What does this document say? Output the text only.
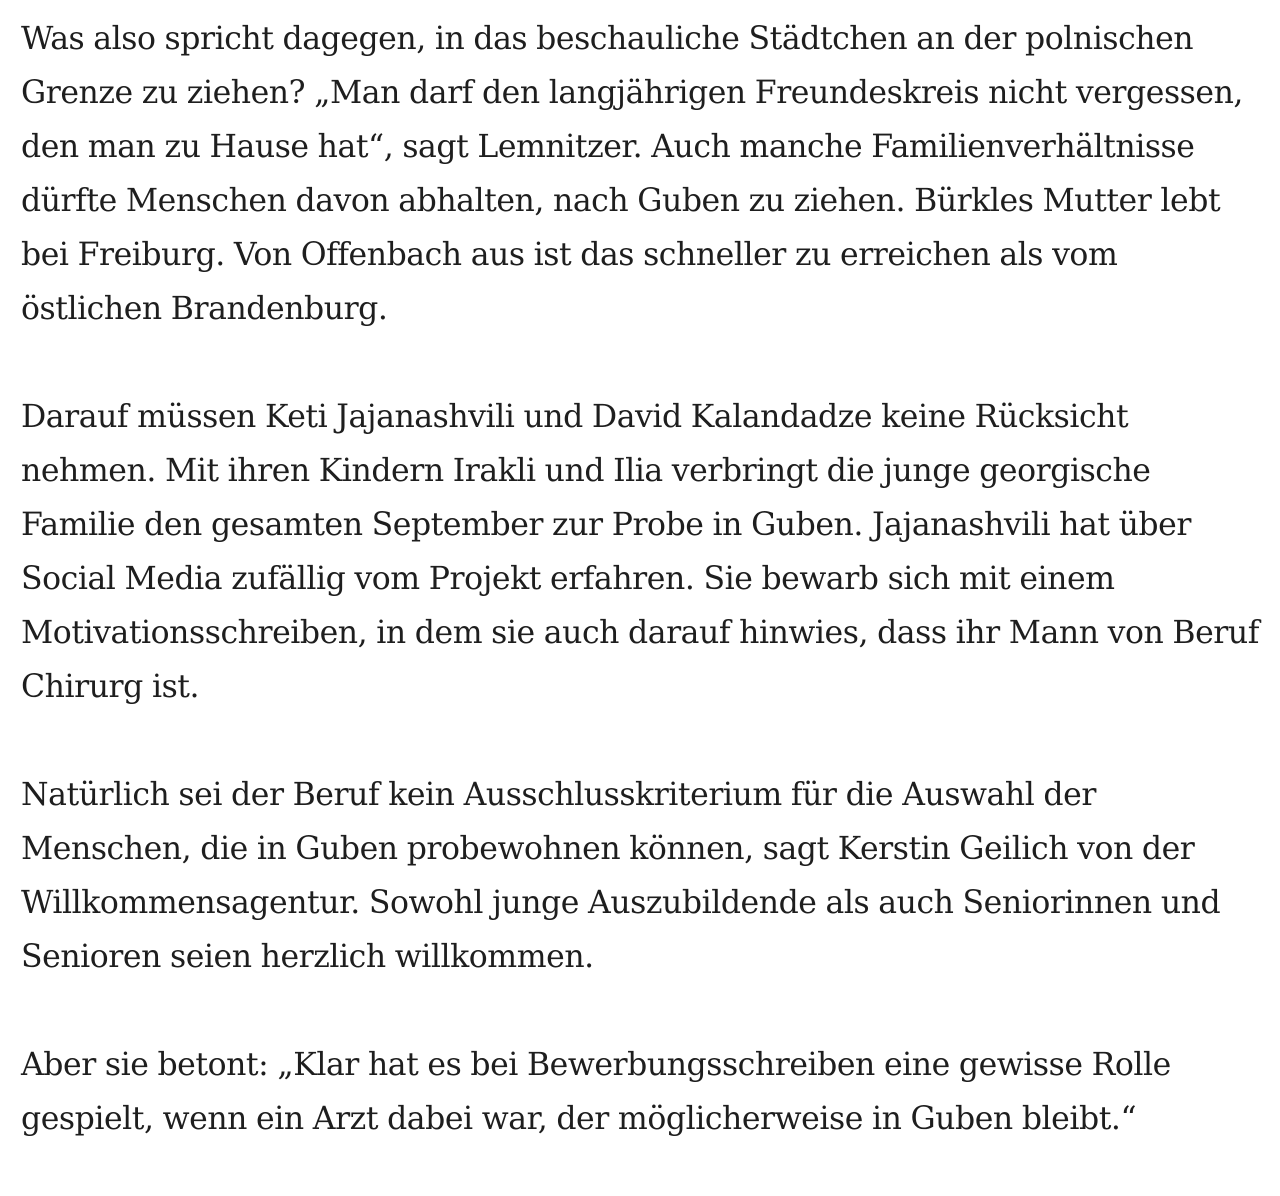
Was also spricht dagegen, in das beschauliche Städtchen an der polnischen Grenze zu ziehen? „Man darf den langjährigen Freundeskreis nicht vergessen, den man zu Hause hat“, sagt Lemnitzer. Auch manche Familienverhältnisse dürfte Menschen davon abhalten, nach Guben zu ziehen. Bürkles Mutter lebt bei Freiburg. Von Offenbach aus ist das schneller zu erreichen als vom östlichen Brandenburg.

Darauf müssen Keti Jajanashvili und David Kalandadze keine Rücksicht nehmen. Mit ihren Kindern Irakli und Ilia verbringt die junge georgische Familie den gesamten September zur Probe in Guben. Jajanashvili hat über Social Media zufällig vom Projekt erfahren. Sie bewarb sich mit einem Motivationsschreiben, in dem sie auch darauf hinwies, dass ihr Mann von Beruf Chirurg ist.

Natürlich sei der Beruf kein Ausschlusskriterium für die Auswahl der Menschen, die in Guben probewohnen können, sagt Kerstin Geilich von der Willkommensagentur. Sowohl junge Auszubildende als auch Seniorinnen und Senioren seien herzlich willkommen.

Aber sie betont: „Klar hat es bei Bewerbungsschreiben eine gewisse Rolle gespielt, wenn ein Arzt dabei war, der möglicherweise in Guben bleibt.“
